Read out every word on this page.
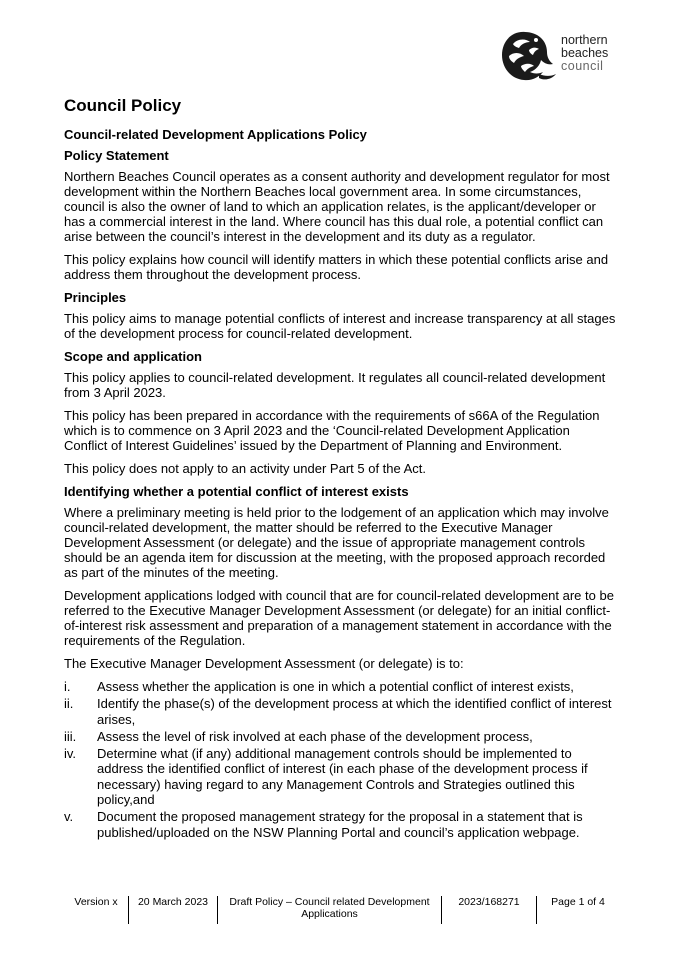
northern
beaches
council
Council Policy
Council-related Development Applications Policy
Policy Statement

Northern Beaches Council operates as a consent authority and development regulator for most development within the Northern Beaches local government area. In some circumstances, council is also the owner of land to which an application relates, is the applicant/developer or has a commercial interest in the land. Where council has this dual role, a potential conflict can arise between the council’s interest in the development and its duty as a regulator.

This policy explains how council will identify matters in which these potential conflicts arise and address them throughout the development process.

Principles

This policy aims to manage potential conflicts of interest and increase transparency at all stages of the development process for council-related development.

Scope and application

This policy applies to council-related development. It regulates all council-related development from 3 April 2023.

This policy has been prepared in accordance with the requirements of s66A of the Regulation which is to commence on 3 April 2023 and the ‘Council-related Development Application Conflict of Interest Guidelines’ issued by the Department of Planning and Environment.

This policy does not apply to an activity under Part 5 of the Act.

Identifying whether a potential conflict of interest exists

Where a preliminary meeting is held prior to the lodgement of an application which may involve council-related development, the matter should be referred to the Executive Manager Development Assessment (or delegate) and the issue of appropriate management controls should be an agenda item for discussion at the meeting, with the proposed approach recorded as part of the minutes of the meeting.

Development applications lodged with council that are for council-related development are to be referred to the Executive Manager Development Assessment (or delegate) for an initial conflict-of-interest risk assessment and preparation of a management statement in accordance with the requirements of the Regulation.

The Executive Manager Development Assessment (or delegate) is to:

i. Assess whether the application is one in which a potential conflict of interest exists,
ii. Identify the phase(s) of the development process at which the identified conflict of interest arises,
iii. Assess the level of risk involved at each phase of the development process,
iv. Determine what (if any) additional management controls should be implemented to address the identified conflict of interest (in each phase of the development process if necessary) having regard to any Management Controls and Strategies outlined this policy,and
v. Document the proposed management strategy for the proposal in a statement that is published/uploaded on the NSW Planning Portal and council’s application webpage.
Version x	20 March 2023	Draft Policy – Council related Development Applications
2023/168271	Page 1 of 4
